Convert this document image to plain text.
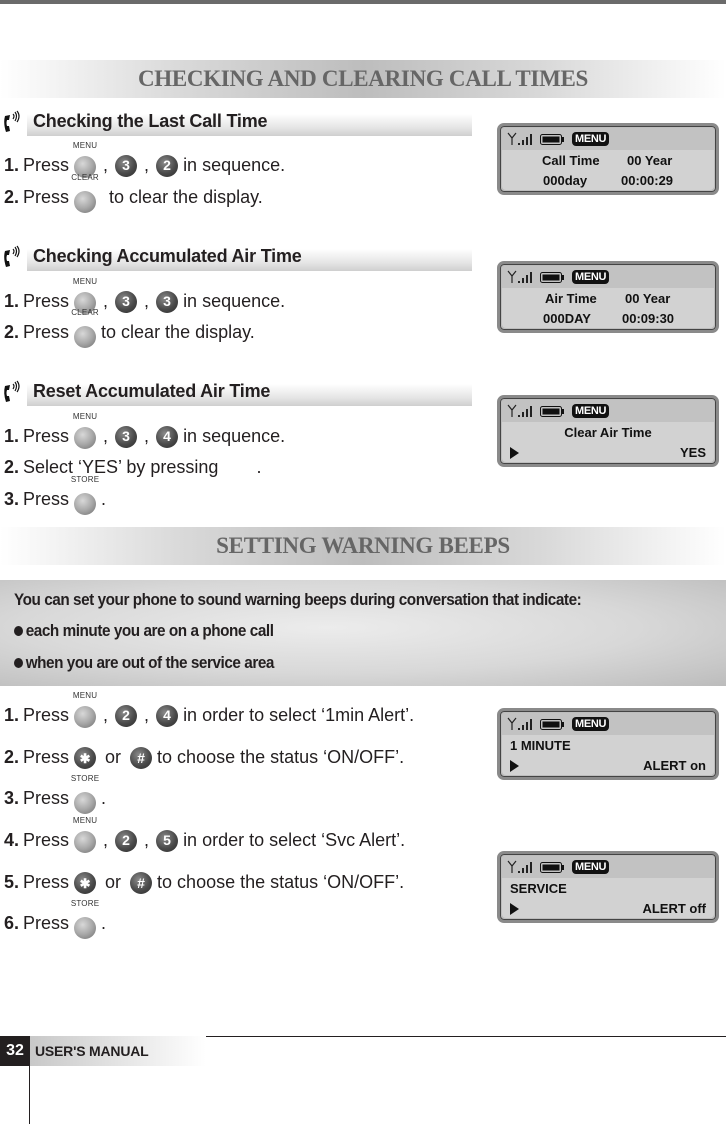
CHECKING AND CLEARING CALL TIMES
Checking the Last Call Time
1. Press
MENU
, 3 , 2 in sequence.
2. Press
CLEAR
to clear the display.
MENU
Call Time 00 Year
000day	00:00:29
Checking Accumulated Air Time
1. Press
MENU
, 3 , 3 in sequence.
2. Press
CLEAR
to clear the display.
MENU
Air Time 00 Year
000DAY 00:09:30
Reset Accumulated Air Time
1. Press
MENU
, 3 , 4 in sequence.
2. Select ‘YES’ by pressing .
3. Press
STORE
.
MENU
Clear Air Time
YES
SETTING WARNING BEEPS
You can set your phone to sound warning beeps during conversation that indicate:
each minute you are on a phone call
when you are out of the service area
1. Press
MENU
, 2 , 4 in order to select ‘1min Alert’.
2. Press ✱ or # to choose the status ‘ON/OFF’.
3. Press
STORE
.
4. Press
MENU
, 2 , 5 in order to select ‘Svc Alert’.
5. Press ✱ or # to choose the status ‘ON/OFF’.
6. Press
STORE
.
MENU
1 MINUTE
ALERT on
MENU
SERVICE
ALERT off
32 USER'S MANUAL
